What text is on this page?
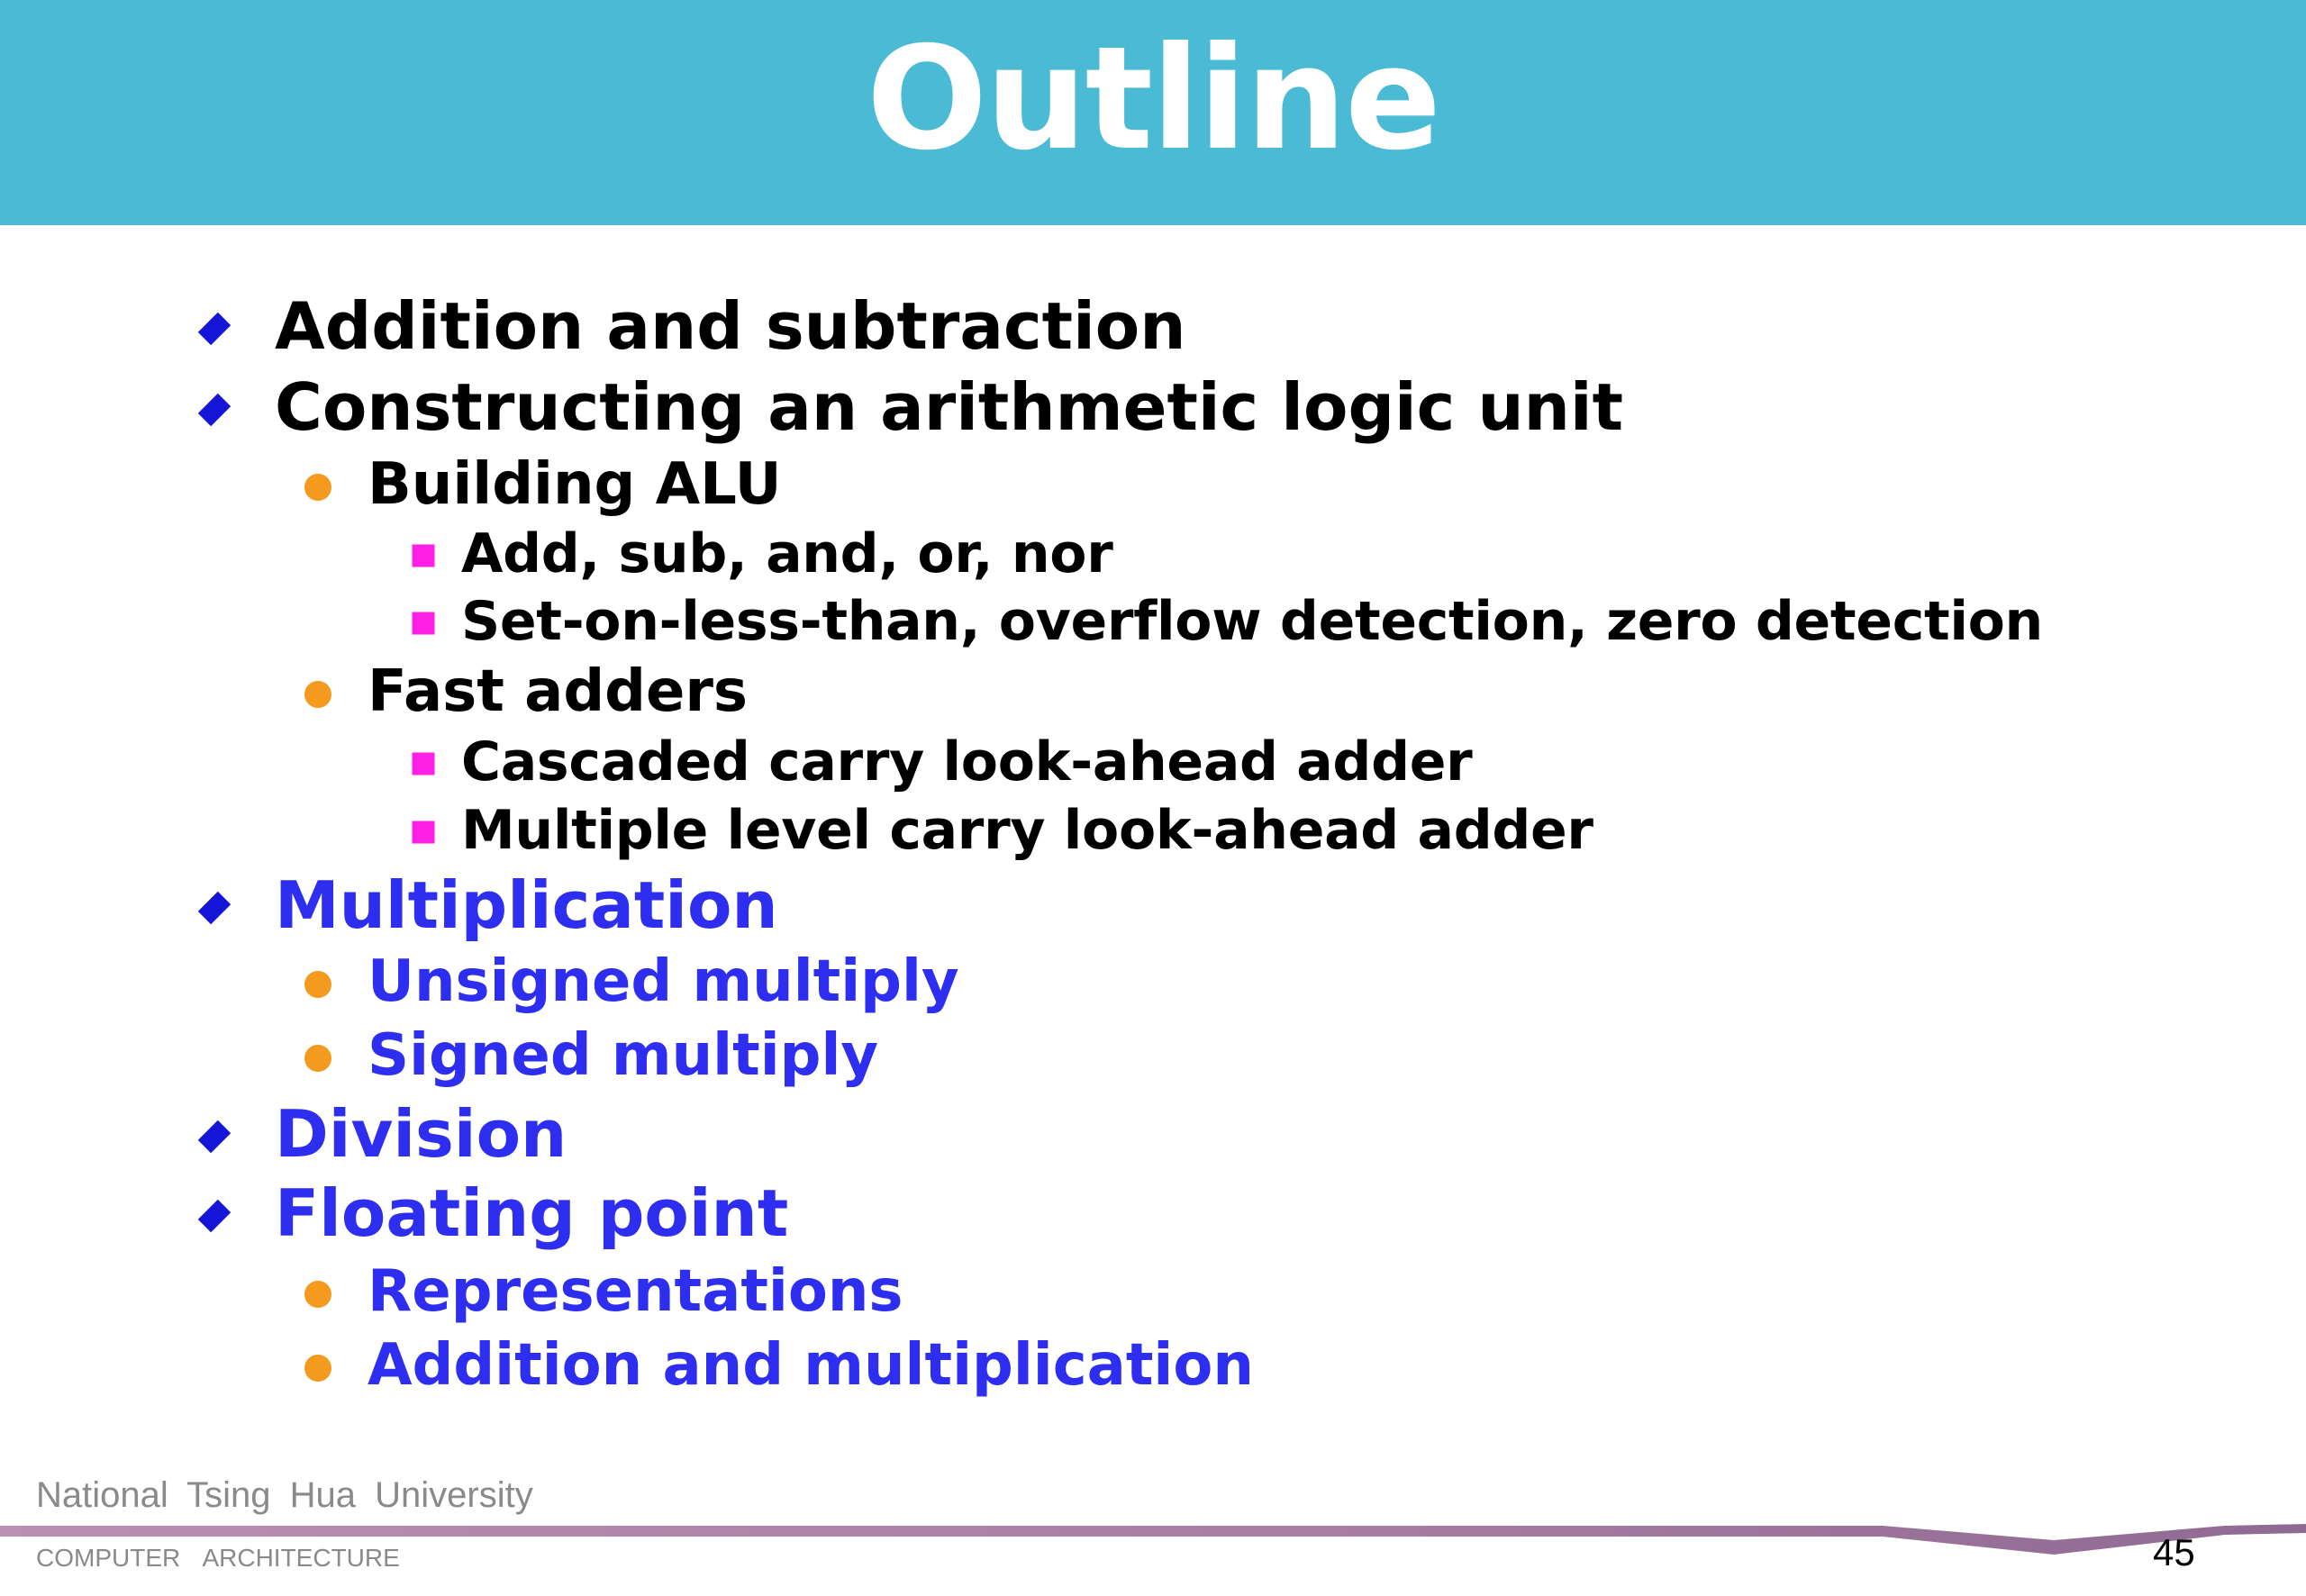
Outline
Addition and subtraction
Constructing an arithmetic logic unit
Building ALU
Add, sub, and, or, nor
Set-on-less-than, overflow detection, zero detection
Fast adders
Cascaded carry look-ahead adder
Multiple level carry look-ahead adder
Multiplication
Unsigned multiply
Signed multiply
Division
Floating point
Representations
Addition and multiplication
National Tsing Hua University
COMPUTER ARCHITECTURE	45
